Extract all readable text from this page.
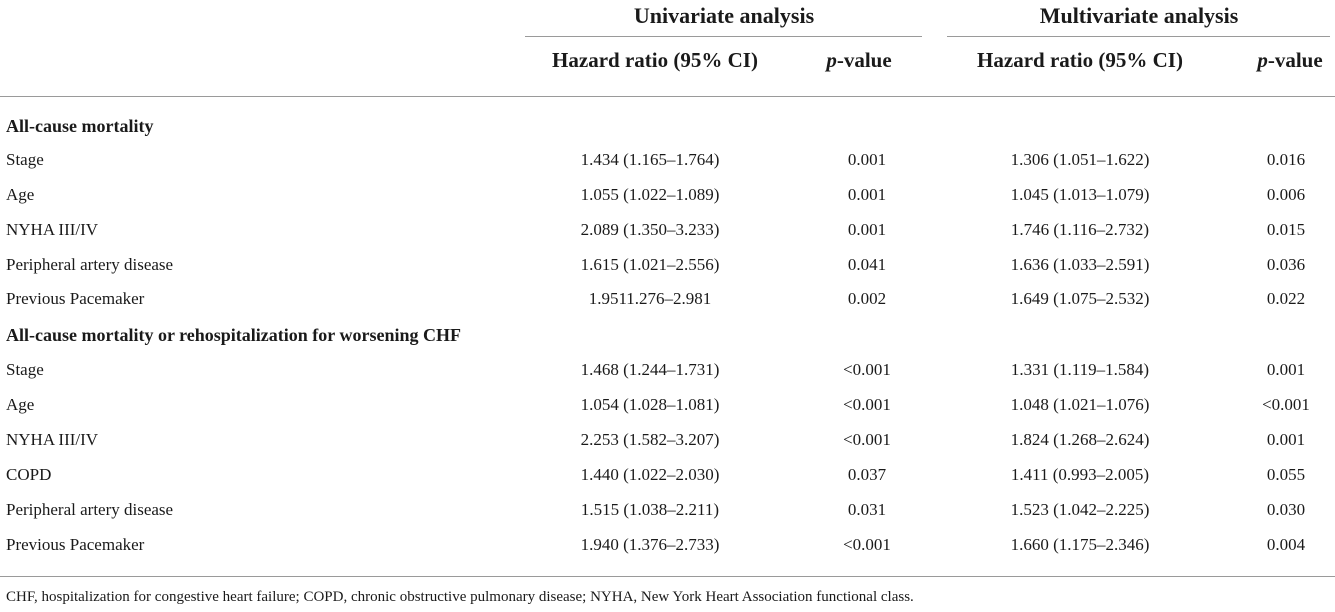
Univariate analysis	Multivariate analysis
Hazard ratio (95% CI)	p-value	Hazard ratio (95% CI)	p-value
All-cause mortality
Stage	1.434 (1.165–1.764)	0.001	1.306 (1.051–1.622)	0.016
Age	1.055 (1.022–1.089)	0.001	1.045 (1.013–1.079)	0.006
NYHA III/IV	2.089 (1.350–3.233)	0.001	1.746 (1.116–2.732)	0.015
Peripheral artery disease	1.615 (1.021–2.556)	0.041	1.636 (1.033–2.591)	0.036
Previous Pacemaker	1.9511.276–2.981	0.002	1.649 (1.075–2.532)	0.022
All-cause mortality or rehospitalization for worsening CHF
Stage	1.468 (1.244–1.731)	<0.001	1.331 (1.119–1.584)	0.001
Age	1.054 (1.028–1.081)	<0.001	1.048 (1.021–1.076)	<0.001
NYHA III/IV	2.253 (1.582–3.207)	<0.001	1.824 (1.268–2.624)	0.001
COPD	1.440 (1.022–2.030)	0.037	1.411 (0.993–2.005)	0.055
Peripheral artery disease	1.515 (1.038–2.211)	0.031	1.523 (1.042–2.225)	0.030
Previous Pacemaker	1.940 (1.376–2.733)	<0.001	1.660 (1.175–2.346)	0.004
CHF, hospitalization for congestive heart failure; COPD, chronic obstructive pulmonary disease; NYHA, New York Heart Association functional class.
